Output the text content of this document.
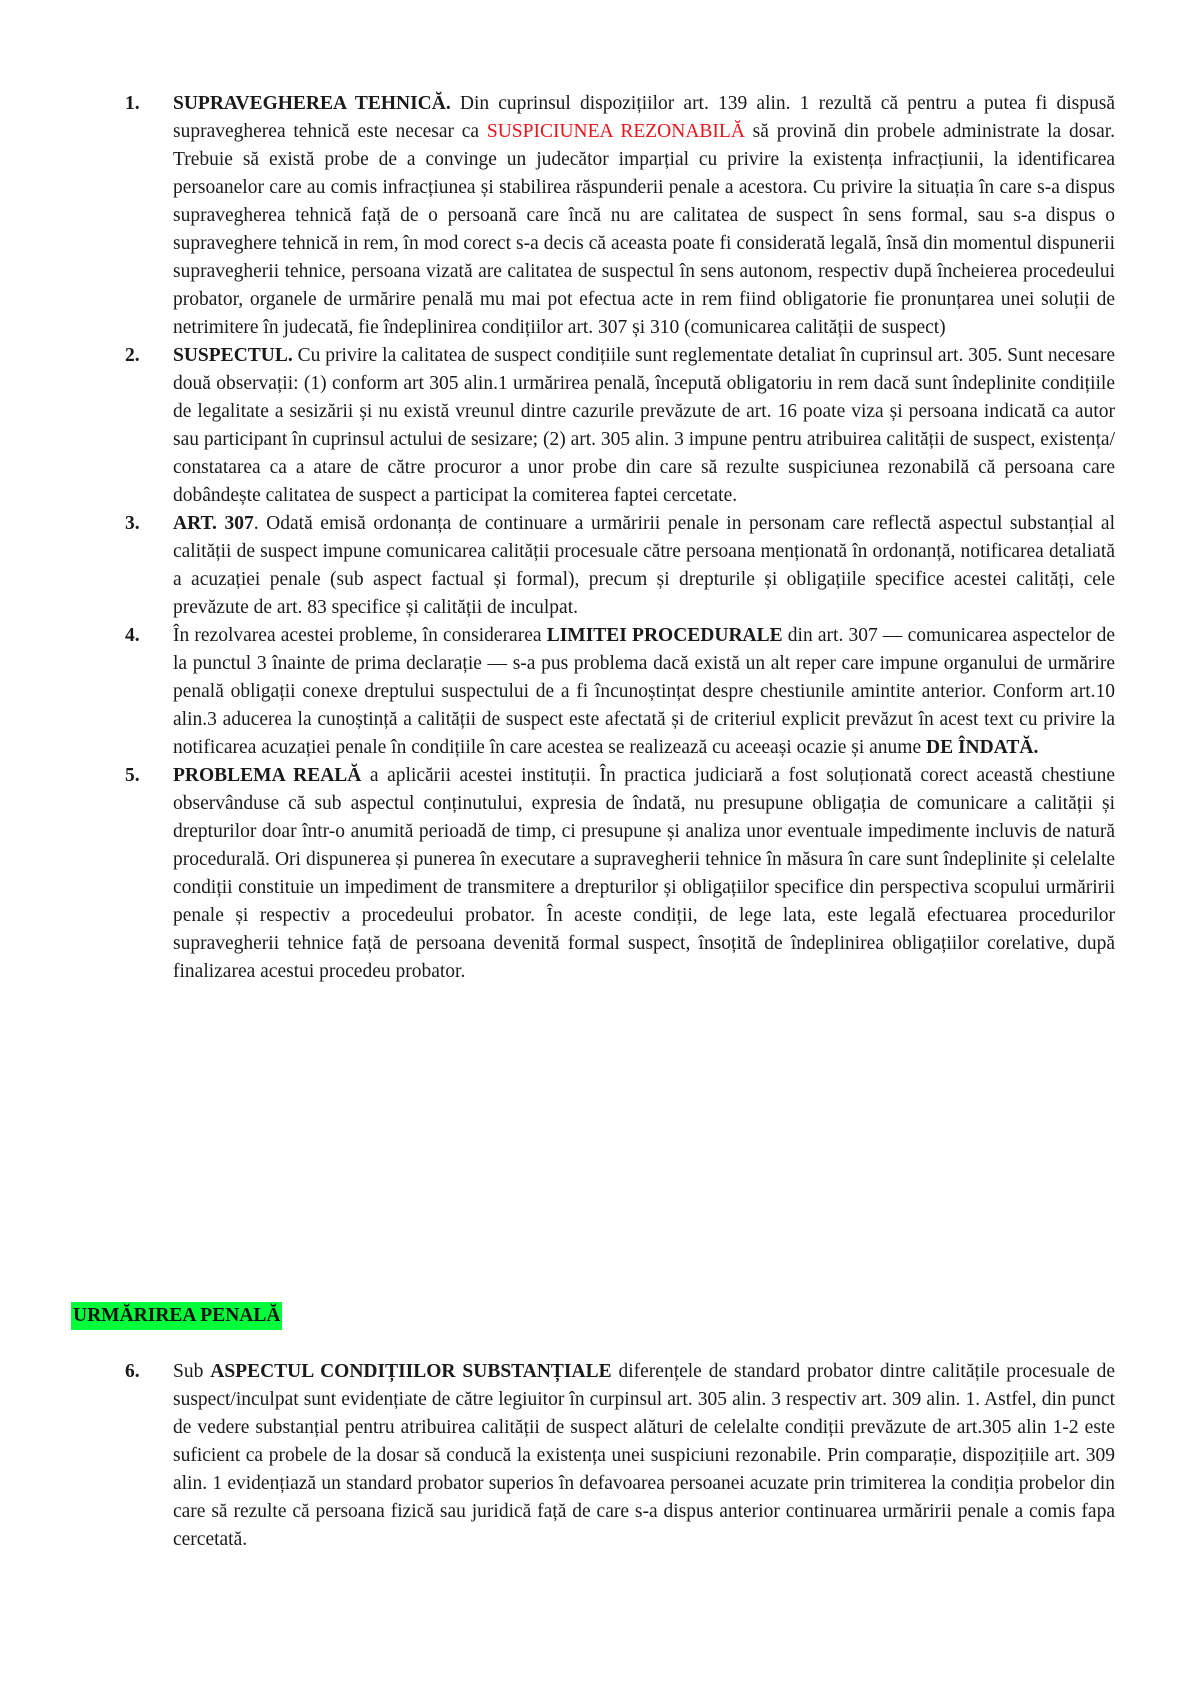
1. SUPRAVEGHEREA TEHNICĂ. Din cuprinsul dispozițiilor art. 139 alin. 1 rezultă că pentru a putea fi dispusă supravegherea tehnică este necesar ca SUSPICIUNEA REZONABILĂ să provină din probele administrate la dosar. Trebuie să există probe de a convinge un judecător imparțial cu privire la existența infracțiunii, la identificarea persoanelor care au comis infracțiunea și stabilirea răspunderii penale a acestora. Cu privire la situația în care s-a dispus supravegherea tehnică față de o persoană care încă nu are calitatea de suspect în sens formal, sau s-a dispus o supraveghere tehnică in rem, în mod corect s-a decis că aceasta poate fi considerată legală, însă din momentul dispunerii supravegherii tehnice, persoana vizată are calitatea de suspectul în sens autonom, respectiv după încheierea procedeului probator, organele de urmărire penală mu mai pot efectua acte in rem fiind obligatorie fie pronunțarea unei soluții de netrimitere în judecată, fie îndeplinirea condițiilor art. 307 și 310 (comunicarea calității de suspect)
2. SUSPECTUL. Cu privire la calitatea de suspect condițiile sunt reglementate detaliat în cuprinsul art. 305. Sunt necesare două observații: (1) conform art 305 alin.1 urmărirea penală, începută obligatoriu in rem dacă sunt îndeplinite condițiile de legalitate a sesizării și nu există vreunul dintre cazurile prevăzute de art. 16 poate viza și persoana indicată ca autor sau participant în cuprinsul actului de sesizare; (2) art. 305 alin. 3 impune pentru atribuirea calității de suspect, existența/ constatarea ca a atare de către procuror a unor probe din care să rezulte suspiciunea rezonabilă că persoana care dobândește calitatea de suspect a participat la comiterea faptei cercetate.
3. ART. 307. Odată emisă ordonanța de continuare a urmăririi penale in personam care reflectă aspectul substanțial al calității de suspect impune comunicarea calității procesuale către persoana menționată în ordonanță, notificarea detaliată a acuzației penale (sub aspect factual și formal), precum și drepturile și obligațiile specifice acestei calități, cele prevăzute de art. 83 specifice și calității de inculpat.
4. În rezolvarea acestei probleme, în considerarea LIMITEI PROCEDURALE din art. 307 — comunicarea aspectelor de la punctul 3 înainte de prima declarație — s-a pus problema dacă există un alt reper care impune organului de urmărire penală obligații conexe dreptului suspectului de a fi încunoștințat despre chestiunile amintite anterior. Conform art.10 alin.3 aducerea la cunoștință a calității de suspect este afectată și de criteriul explicit prevăzut în acest text cu privire la notificarea acuzației penale în condițiile în care acestea se realizează cu aceeași ocazie și anume DE ÎNDATĂ.
5. PROBLEMA REALĂ a aplicării acestei instituții. În practica judiciară a fost soluționată corect această chestiune observânduse că sub aspectul conținutului, expresia de îndată, nu presupune obligația de comunicare a calității și drepturilor doar într-o anumită perioadă de timp, ci presupune și analiza unor eventuale impedimente incluvis de natură procedurală. Ori dispunerea și punerea în executare a supravegherii tehnice în măsura în care sunt îndeplinite și celelalte condiții constituie un impediment de transmitere a drepturilor și obligațiilor specifice din perspectiva scopului urmăririi penale și respectiv a procedeului probator. În aceste condiții, de lege lata, este legală efectuarea procedurilor supravegherii tehnice față de persoana devenită formal suspect, însoțită de îndeplinirea obligațiilor corelative, după finalizarea acestui procedeu probator.
URMĂRIREA PENALĂ
6. Sub ASPECTUL CONDIȚIILOR SUBSTANȚIALE diferențele de standard probator dintre calitățile procesuale de suspect/inculpat sunt evidențiate de către legiuitor în curpinsul art. 305 alin. 3 respectiv art. 309 alin. 1. Astfel, din punct de vedere substanțial pentru atribuirea calității de suspect alături de celelalte condiții prevăzute de art.305 alin 1-2 este suficient ca probele de la dosar să conducă la existența unei suspiciuni rezonabile. Prin comparație, dispozițiile art. 309 alin. 1 evidențiază un standard probator superios în defavoarea persoanei acuzate prin trimiterea la condiția probelor din care să rezulte că persoana fizică sau juridică față de care s-a dispus anterior continuarea urmăririi penale a comis fapa cercetată.
